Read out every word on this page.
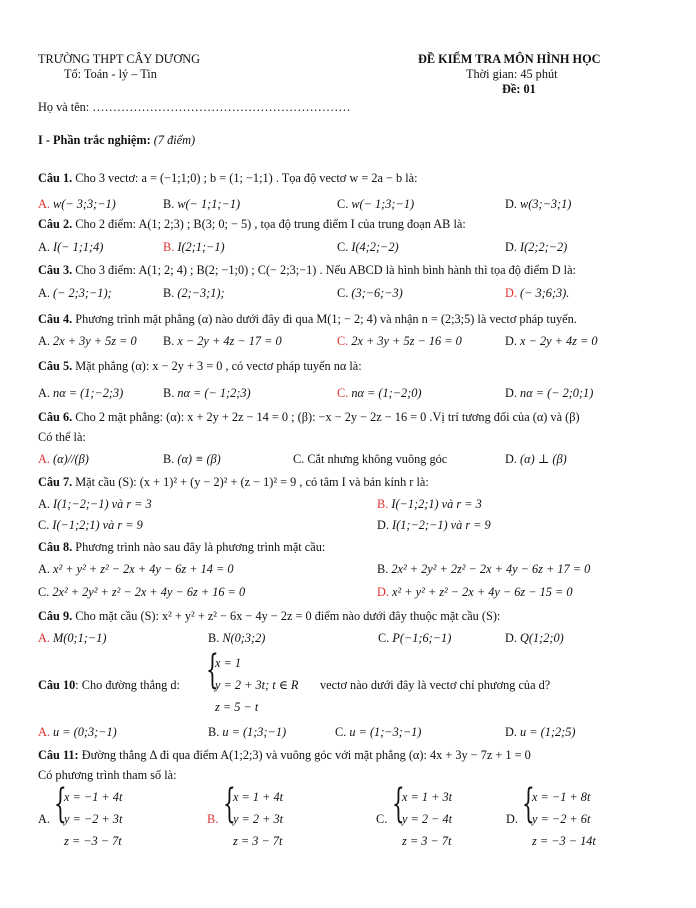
TRƯỜNG THPT CÂY DƯƠNG
Tổ: Toán - lý – Tin
ĐỀ KIỂM TRA MÔN HÌNH HỌC
Thời gian: 45 phút
Đề: 01
Họ và tên: ………………………………………………………
I - Phần trắc nghiệm: (7 điểm)
Câu 1. Cho 3 vectơ: a = (−1;1;0) ; b = (1; −1;1) . Tọa độ vectơ w = 2a − b là:
A. w(− 3;3;−1)	B. w(− 1;1;−1)	C. w(− 1;3;−1)	D. w(3;−3;1)
Câu 2. Cho 2 điểm: A(1; 2;3) ; B(3; 0; − 5) , tọa độ trung điểm I của trung đoạn AB là:
A. I(− 1;1;4)	B. I(2;1;−1)	C. I(4;2;−2)	D. I(2;2;−2)
Câu 3. Cho 3 điểm: A(1; 2; 4) ; B(2; −1;0) ; C(− 2;3;−1) . Nếu ABCD là hình bình hành thì tọa độ điểm D là:
A. (− 2;3;−1);	B. (2;−3;1);	C. (3;−6;−3)	D. (− 3;6;3).
Câu 4. Phương trình mặt phẳng (α) nào dưới đây đi qua M(1; − 2; 4) và nhận n = (2;3;5) là vectơ pháp tuyến.
A. 2x + 3y + 5z = 0 B. x − 2y + 4z − 17 = 0	C. 2x + 3y + 5z − 16 = 0	D. x − 2y + 4z = 0
Câu 5. Mặt phẳng (α): x − 2y + 3 = 0 , có vectơ pháp tuyến nα là:
A. nα = (1;−2;3)	B. nα = (− 1;2;3)	C. nα = (1;−2;0)	D. nα = (− 2;0;1)
Câu 6. Cho 2 mặt phẳng: (α): x + 2y + 2z − 14 = 0 ; (β): −x − 2y − 2z − 16 = 0 .Vị trí tương đối của (α) và (β)
Có thể là:
A. (α)//(β)	B. (α) ≡ (β)	C. Cắt nhưng không vuông góc	D. (α) ⊥ (β)
Câu 7. Mặt cầu (S): (x + 1)² + (y − 2)² + (z − 1)² = 9 , có tâm I và bán kính r là:
A. I(1;−2;−1) và r = 3	B. I(−1;2;1) và r = 3
C. I(−1;2;1) và r = 9	D. I(1;−2;−1) và r = 9
Câu 8. Phương trình nào sau đây là phương trình mặt cầu:
A. x² + y² + z² − 2x + 4y − 6z + 14 = 0	B. 2x² + 2y² + 2z² − 2x + 4y − 6z + 17 = 0
C. 2x² + 2y² + z² − 2x + 4y − 6z + 16 = 0	D. x² + y² + z² − 2x + 4y − 6z − 15 = 0
Câu 9. Cho mặt cầu (S): x² + y² + z² − 6x − 4y − 2z = 0 điểm nào dưới đây thuộc mặt cầu (S):
A. M(0;1;−1)	B. N(0;3;2)	C. P(−1;6;−1)	D. Q(1;2;0)
Câu 10: Cho đường thẳng d: {
x = 1
y = 2 + 3t; t ∈ R
z = 5 − t
vectơ nào dưới đây là vectơ chỉ phương của d?
A. u = (0;3;−1)	B. u = (1;3;−1)	C. u = (1;−3;−1)	D. u = (1;2;5)
Câu 11: Đường thẳng Δ đi qua điểm A(1;2;3) và vuông góc với mặt phẳng (α): 4x + 3y − 7z + 1 = 0
Có phương trình tham số là:
A. {
x = −1 + 4t
y = −2 + 3t
z = −3 − 7t
B. {
x = 1 + 4t
y = 2 + 3t
z = 3 − 7t
C. {
x = 1 + 3t
y = 2 − 4t
z = 3 − 7t
D. {
x = −1 + 8t
y = −2 + 6t
z = −3 − 14t
